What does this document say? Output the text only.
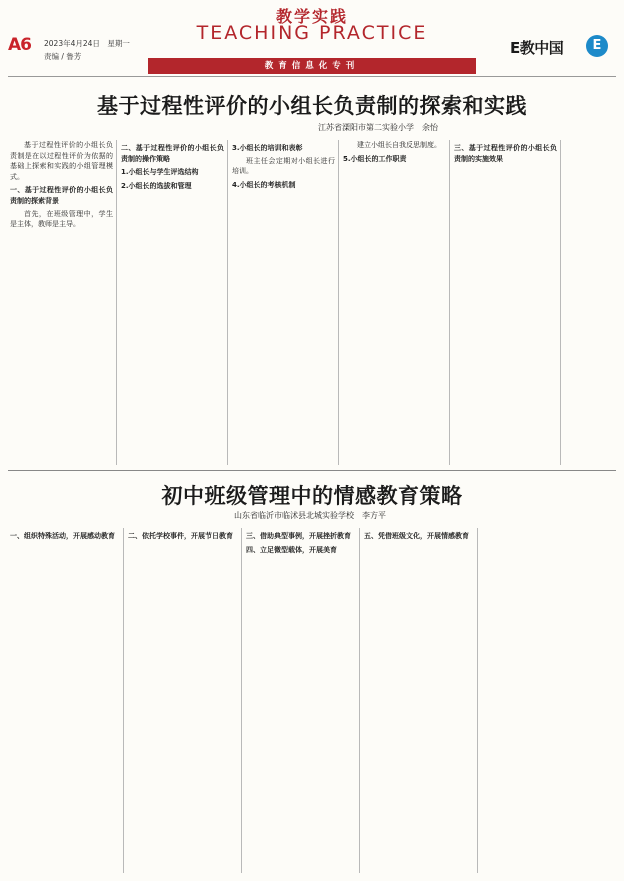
A6 2023年4月24日　星期一
责编 / 鲁芳
教学实践
TEACHING PRACTICE
教育信息化专刊
E教中国	E
基于过程性评价的小组长负责制的探索和实践
江苏省溧阳市第二实验小学　余怡

基于过程性评价的小组长负责制是在以过程性评价为依据的基础上探索和实践的小组管理模式。

一、基于过程性评价的小组长负责制的探索背景

首先，在班级管理中，学生是主体，教师是主导。

二、基于过程性评价的小组长负责制的操作策略
1.小组长与学生评选结构
2.小组长的选拔和管理
3.小组长的培训和表彰

班主任会定期对小组长进行培训。

4.小组长的考核机制

建立小组长自我反思制度。

5.小组长的工作职责
三、基于过程性评价的小组长负责制的实施效果
初中班级管理中的情感教育策略
山东省临沂市临沭县北城实验学校　李方平
一、组织特殊活动，开展感动教育	二、依托学校事件，开展节日教育	三、借助典型事例，开展挫折教育
四、立足微型载体，开展美育
五、凭借班级文化，开展情感教育
